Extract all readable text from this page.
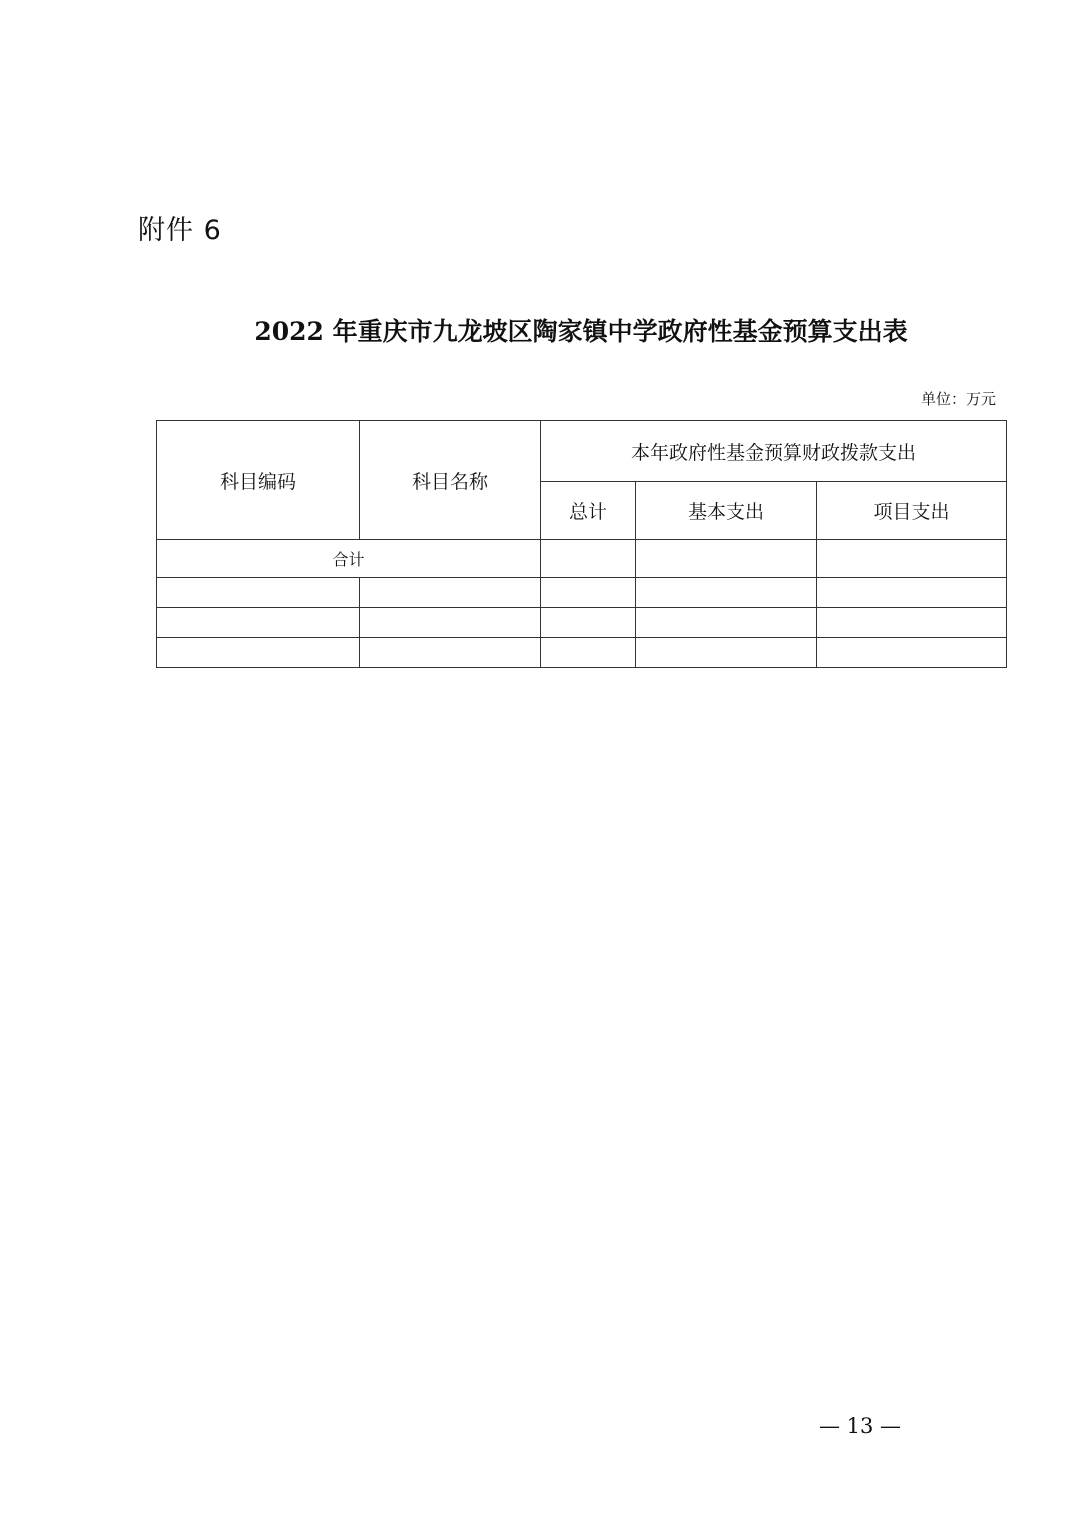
附件 6
2022 年重庆市九龙坡区陶家镇中学政府性基金预算支出表
单位：万元
科目编码	科目名称	本年政府性基金预算财政拨款支出		
		总计	基本支出	项目支出
合计				

— 13 —
